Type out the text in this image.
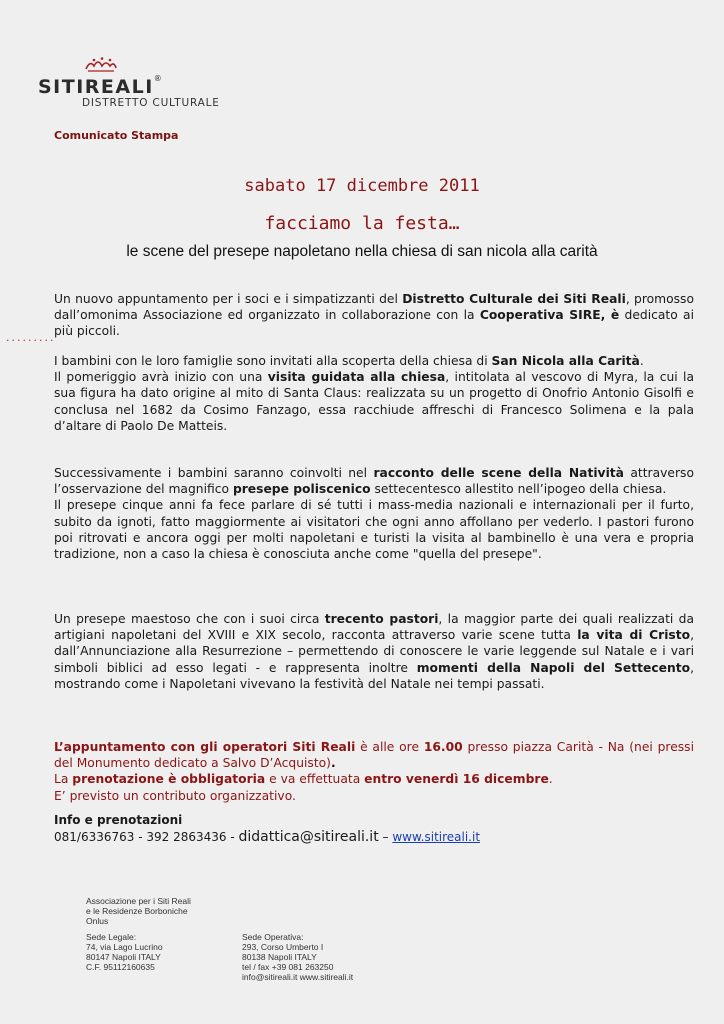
SITIREALI®
DISTRETTO CULTURALE
Comunicato Stampa
sabato 17 dicembre 2011
facciamo la festa…
le scene del presepe napoletano nella chiesa di san nicola alla carità
·········

Un nuovo appuntamento per i soci e i simpatizzanti del Distretto Culturale dei Siti Reali, promosso dall’omonima Associazione ed organizzato in collaborazione con la Cooperativa SIRE, è dedicato ai più piccoli.

I bambini con le loro famiglie sono invitati alla scoperta della chiesa di San Nicola alla Carità.

Il pomeriggio avrà inizio con una visita guidata alla chiesa, intitolata al vescovo di Myra, la cui la sua figura ha dato origine al mito di Santa Claus: realizzata su un progetto di Onofrio Antonio Gisolfi e conclusa nel 1682 da Cosimo Fanzago, essa racchiude affreschi di Francesco Solimena e la pala d’altare di Paolo De Matteis.

Successivamente i bambini saranno coinvolti nel racconto delle scene della Natività attraverso l’osservazione del magnifico presepe poliscenico settecentesco allestito nell’ipogeo della chiesa.

Il presepe cinque anni fa fece parlare di sé tutti i mass-media nazionali e internazionali per il furto, subito da ignoti, fatto maggiormente ai visitatori che ogni anno affollano per vederlo. I pastori furono poi ritrovati e ancora oggi per molti napoletani e turisti la visita al bambinello è una vera e propria tradizione, non a caso la chiesa è conosciuta anche come "quella del presepe".

Un presepe maestoso che con i suoi circa trecento pastori, la maggior parte dei quali realizzati da artigiani napoletani del XVIII e XIX secolo, racconta attraverso varie scene tutta la vita di Cristo, dall’Annunciazione alla Resurrezione – permettendo di conoscere le varie leggende sul Natale e i vari simboli biblici ad esso legati - e rappresenta inoltre momenti della Napoli del Settecento, mostrando come i Napoletani vivevano la festività del Natale nei tempi passati.

L’appuntamento con gli operatori Siti Reali è alle ore 16.00 presso piazza Carità - Na (nei pressi del Monumento dedicato a Salvo D’Acquisto).

La prenotazione è obbligatoria e va effettuata entro venerdì 16 dicembre.

E’ previsto un contributo organizzativo.

Info e prenotazioni
081/6336763 - 392 2863436 - didattica@sitireali.it – www.sitireali.it
Associazione per i Siti Reali
e le Residenze Borboniche
Onlus
Sede Legale:
74, via Lago Lucrino
80147 Napoli ITALY
C.F. 95112160635
Sede Operativa:
293, Corso Umberto I
80138 Napoli ITALY
tel / fax +39 081 263250
info@sitireali.it www.sitireali.it
